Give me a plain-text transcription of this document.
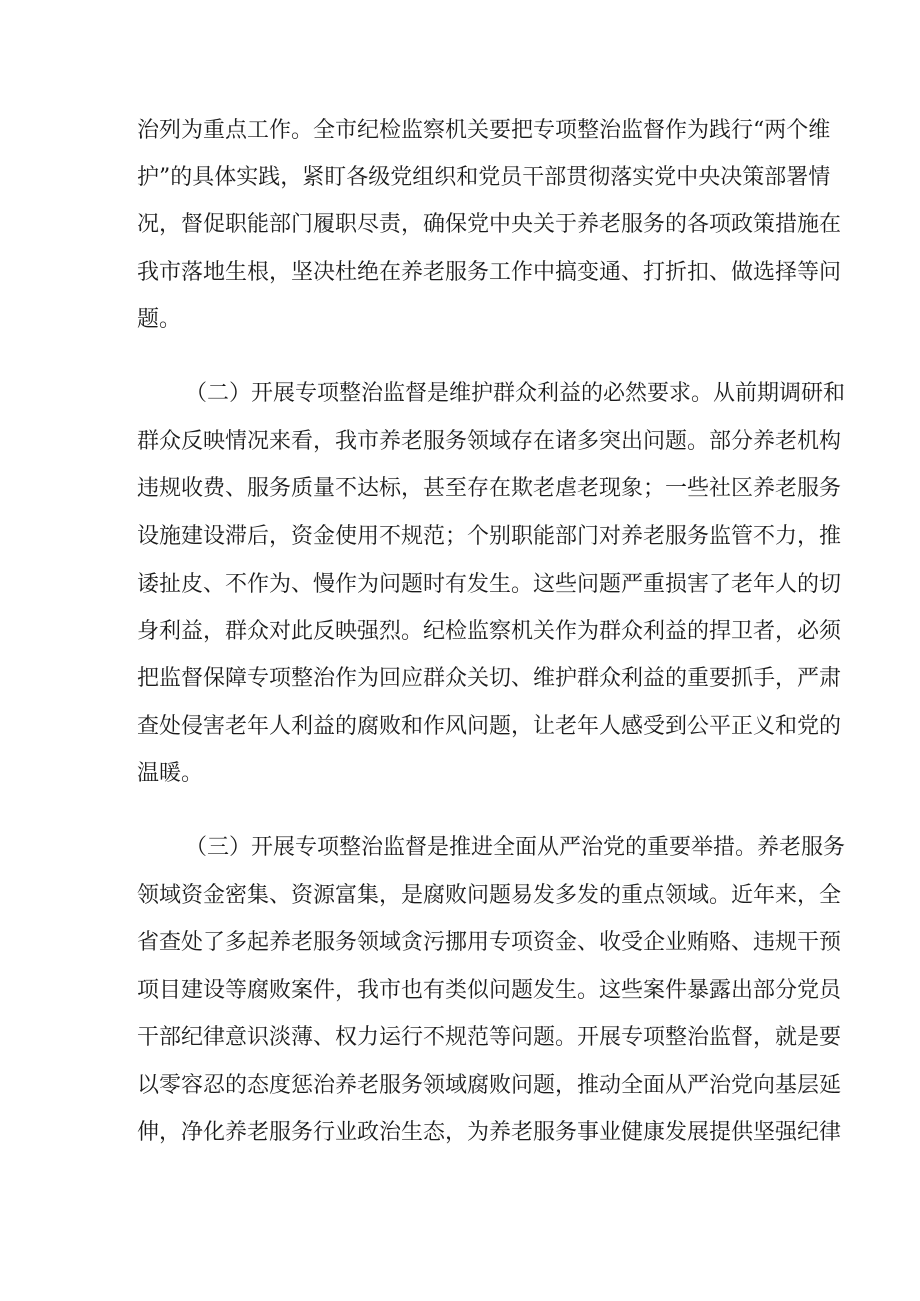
治列为重点工作。全市纪检监察机关要把专项整治监督作为践行“两个维
护”的具体实践，紧盯各级党组织和党员干部贯彻落实党中央决策部署情
况，督促职能部门履职尽责，确保党中央关于养老服务的各项政策措施在
我市落地生根，坚决杜绝在养老服务工作中搞变通、打折扣、做选择等问
题。
（二）开展专项整治监督是维护群众利益的必然要求。从前期调研和
群众反映情况来看，我市养老服务领域存在诸多突出问题。部分养老机构
违规收费、服务质量不达标，甚至存在欺老虐老现象；一些社区养老服务
设施建设滞后，资金使用不规范；个别职能部门对养老服务监管不力，推
诿扯皮、不作为、慢作为问题时有发生。这些问题严重损害了老年人的切
身利益，群众对此反映强烈。纪检监察机关作为群众利益的捍卫者，必须
把监督保障专项整治作为回应群众关切、维护群众利益的重要抓手，严肃
查处侵害老年人利益的腐败和作风问题，让老年人感受到公平正义和党的
温暖。
（三）开展专项整治监督是推进全面从严治党的重要举措。养老服务
领域资金密集、资源富集，是腐败问题易发多发的重点领域。近年来，全
省查处了多起养老服务领域贪污挪用专项资金、收受企业贿赂、违规干预
项目建设等腐败案件，我市也有类似问题发生。这些案件暴露出部分党员
干部纪律意识淡薄、权力运行不规范等问题。开展专项整治监督，就是要
以零容忍的态度惩治养老服务领域腐败问题，推动全面从严治党向基层延
伸，净化养老服务行业政治生态，为养老服务事业健康发展提供坚强纪律
